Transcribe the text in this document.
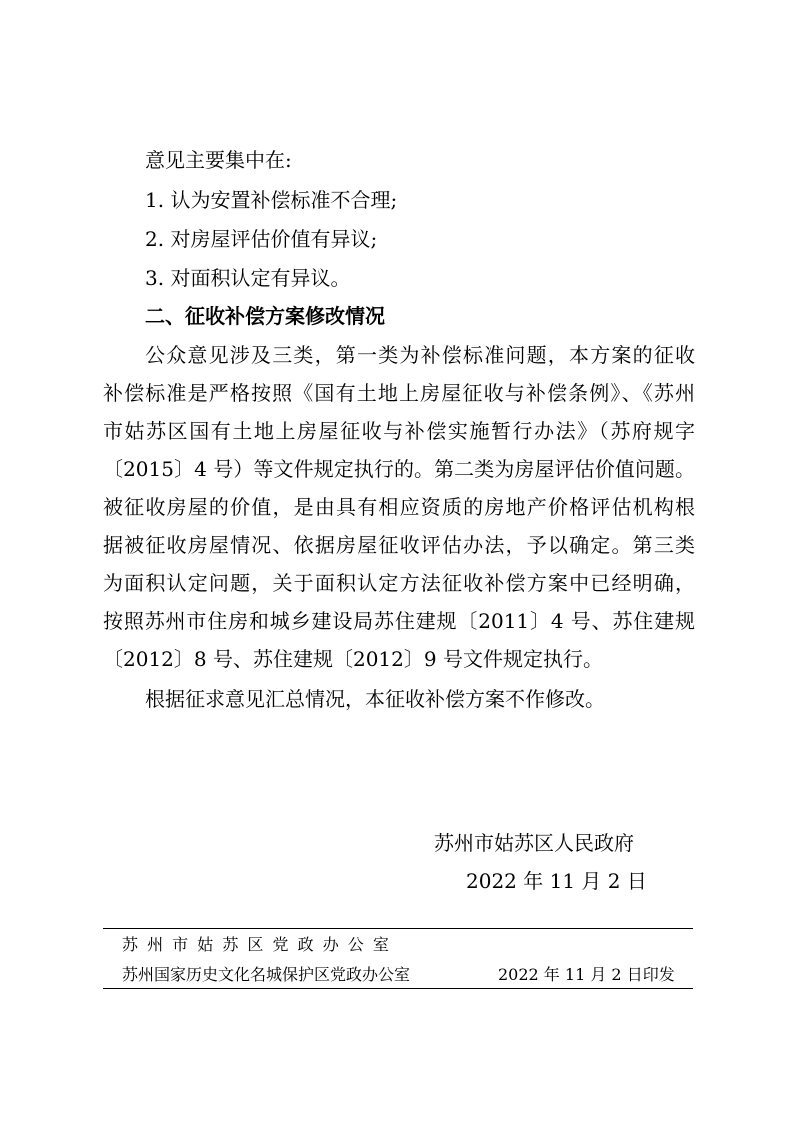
意见主要集中在:
1. 认为安置补偿标准不合理;
2. 对房屋评估价值有异议;
3. 对面积认定有异议。
二、征收补偿方案修改情况
公众意见涉及三类，第一类为补偿标准问题，本方案的征收
补偿标准是严格按照《国有土地上房屋征收与补偿条例》、《苏州
市姑苏区国有土地上房屋征收与补偿实施暂行办法》（苏府规字
〔2015〕4 号）等文件规定执行的。第二类为房屋评估价值问题。
被征收房屋的价值，是由具有相应资质的房地产价格评估机构根
据被征收房屋情况、依据房屋征收评估办法，予以确定。第三类
为面积认定问题，关于面积认定方法征收补偿方案中已经明确，
按照苏州市住房和城乡建设局苏住建规〔2011〕4 号、苏住建规
〔2012〕8 号、苏住建规〔2012〕9 号文件规定执行。
根据征求意见汇总情况，本征收补偿方案不作修改。
苏州市姑苏区人民政府
2022 年 11 月 2 日
苏 州 市 姑 苏 区 党 政 办 公 室
苏州国家历史文化名城保护区党政办公室	2022 年 11 月 2 日印发
